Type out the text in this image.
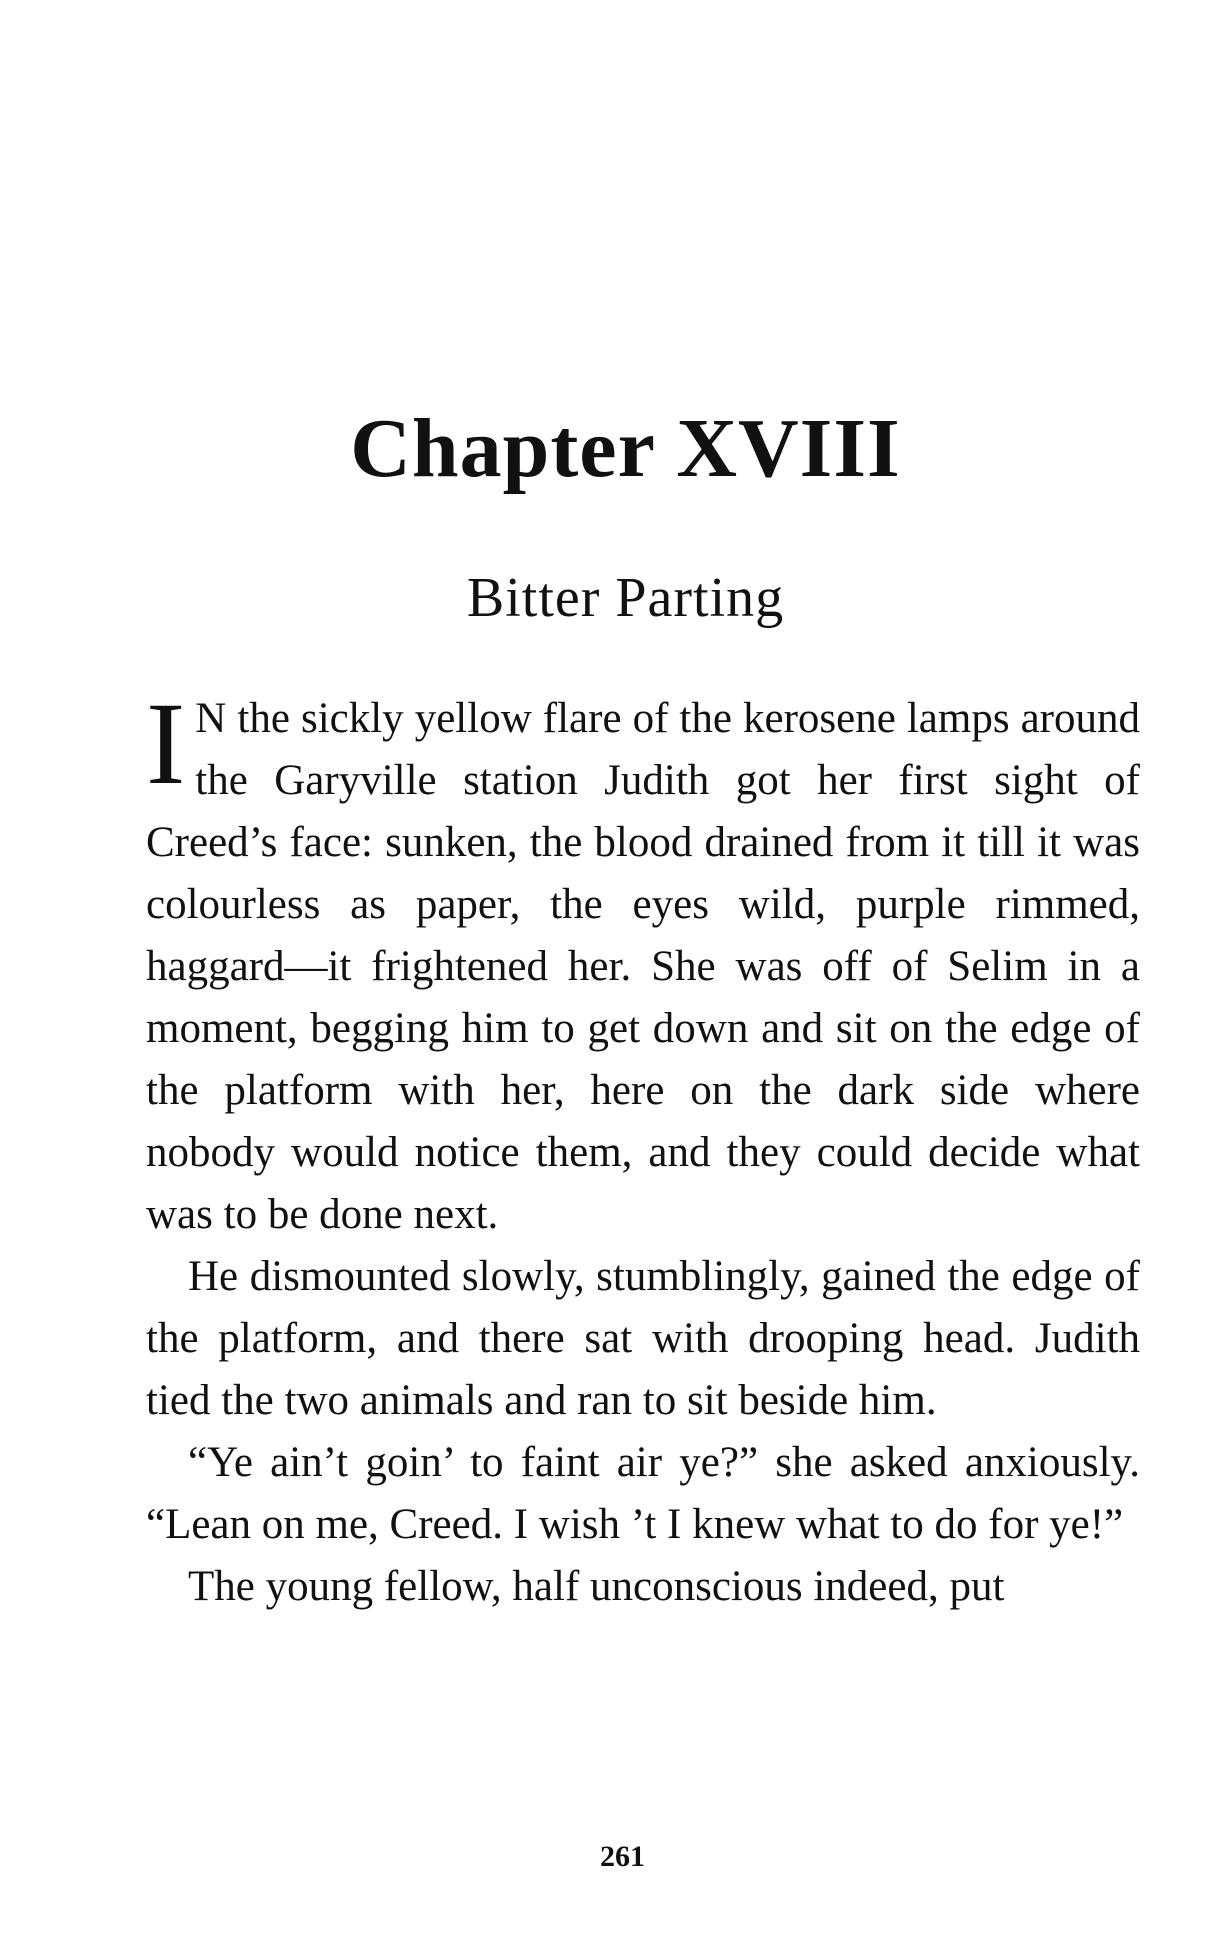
Chapter XVIII
Bitter Parting

I N the sickly yellow flare of the kerosene lamps around the Garyville station Judith got her first sight of Creed’s face: sunken, the blood drained from it till it was colourless as paper, the eyes wild, purple rimmed, haggard—it frightened her. She was off of Selim in a moment, begging him to get down and sit on the edge of the platform with her, here on the dark side where nobody would notice them, and they could decide what was to be done next.

He dismounted slowly, stumblingly, gained the edge of the platform, and there sat with drooping head. Judith tied the two animals and ran to sit beside him.

“Ye ain’t goin’ to faint air ye?” she asked anxiously. “Lean on me, Creed. I wish ’t I knew what to do for ye!”

The young fellow, half unconscious indeed, put

261
